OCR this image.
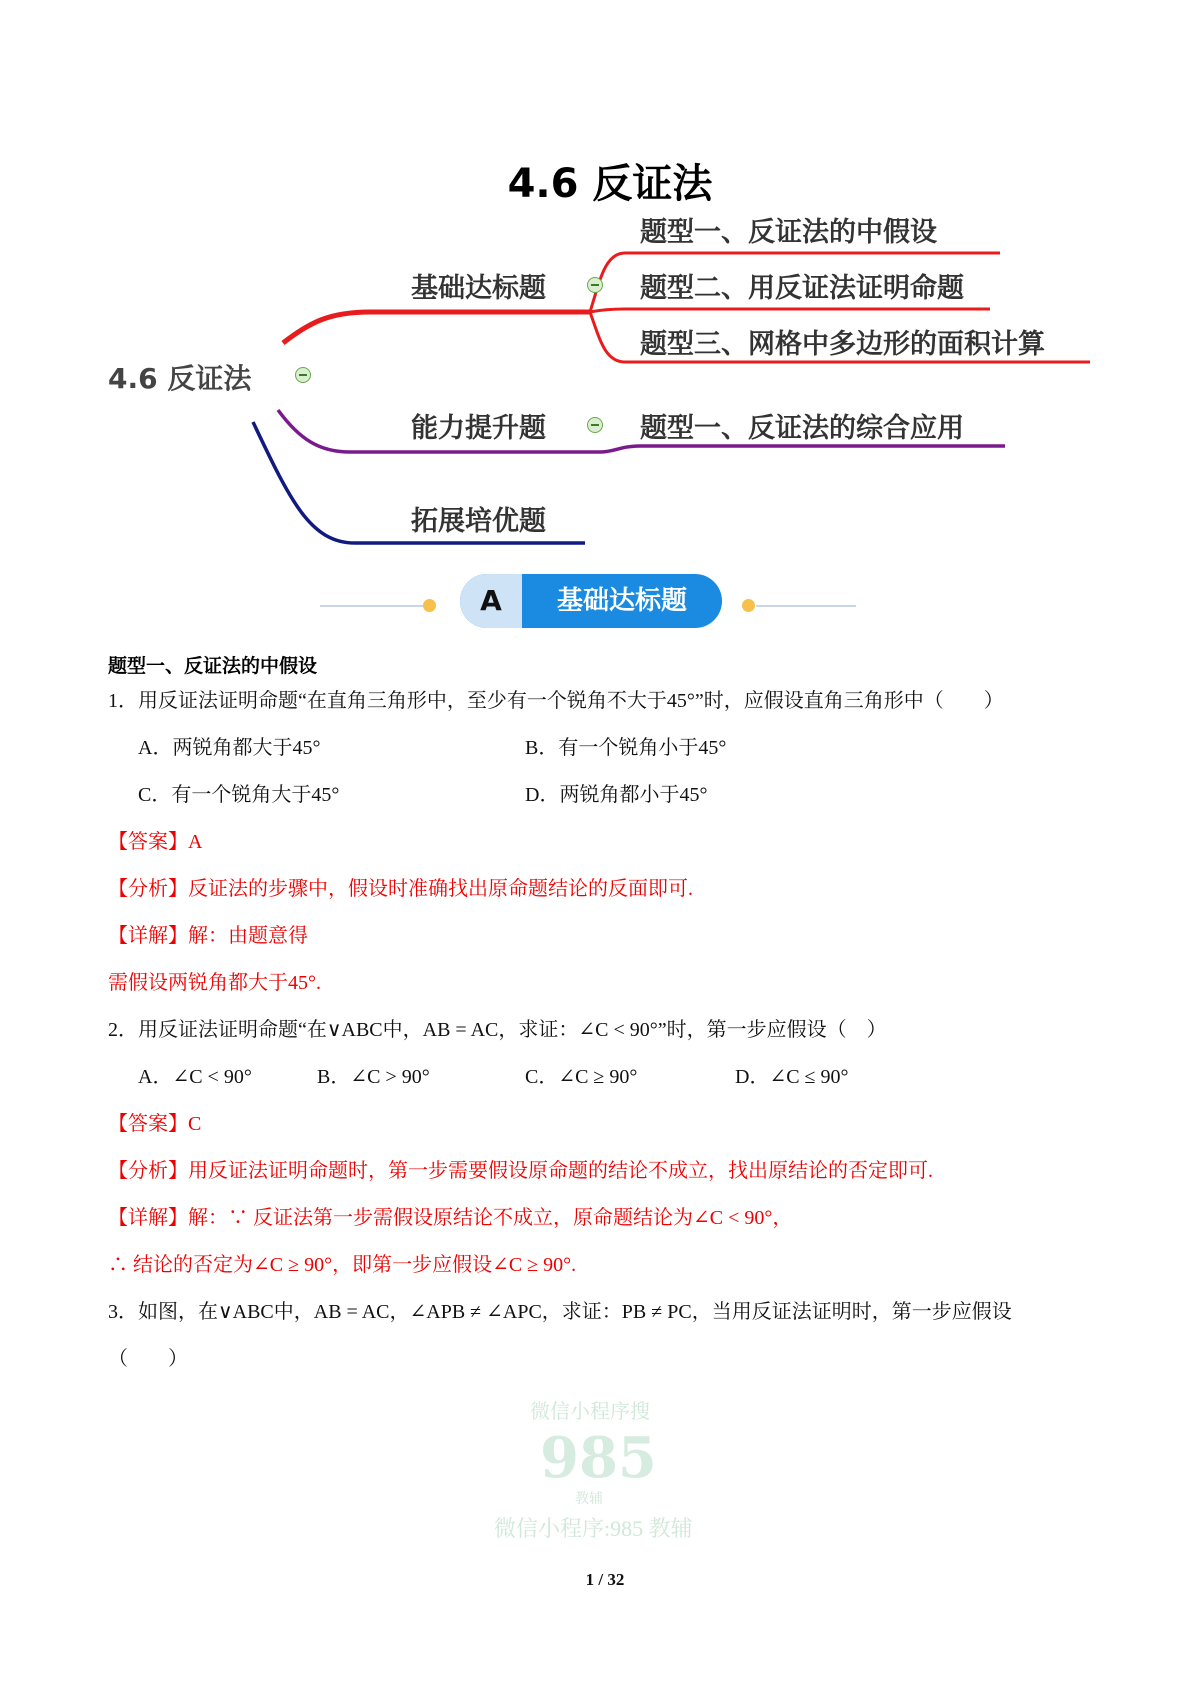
4.6 反证法
4.6 反证法
基础达标题
题型一、反证法的中假设
题型二、用反证法证明命题
题型三、网格中多边形的面积计算
能力提升题	题型一、反证法的综合应用
拓展培优题
A	基础达标题
微信小程序搜
985
教辅
微信小程序:985 教辅
题型一、反证法的中假设
1．用反证法证明命题“在直角三角形中，至少有一个锐角不大于45°”时，应假设直角三角形中（　　）
A．两锐角都大于45°	B．有一个锐角小于45°
C．有一个锐角大于45°	D．两锐角都小于45°
【答案】A
【分析】反证法的步骤中，假设时准确找出原命题结论的反面即可.
【详解】解：由题意得
需假设两锐角都大于45°.
2．用反证法证明命题“在∨ABC中，AB = AC，求证：∠C < 90°”时，第一步应假设（　）
A．∠C < 90°	B．∠C > 90°	C．∠C ≥ 90°	D．∠C ≤ 90°
【答案】C
【分析】用反证法证明命题时，第一步需要假设原命题的结论不成立，找出原结论的否定即可.
【详解】解：∵ 反证法第一步需假设原结论不成立，原命题结论为∠C < 90°，
∴ 结论的否定为∠C ≥ 90°，即第一步应假设∠C ≥ 90°.
3．如图，在∨ABC中，AB = AC，∠APB ≠ ∠APC，求证：PB ≠ PC，当用反证法证明时，第一步应假设
（　　）
1 / 32
